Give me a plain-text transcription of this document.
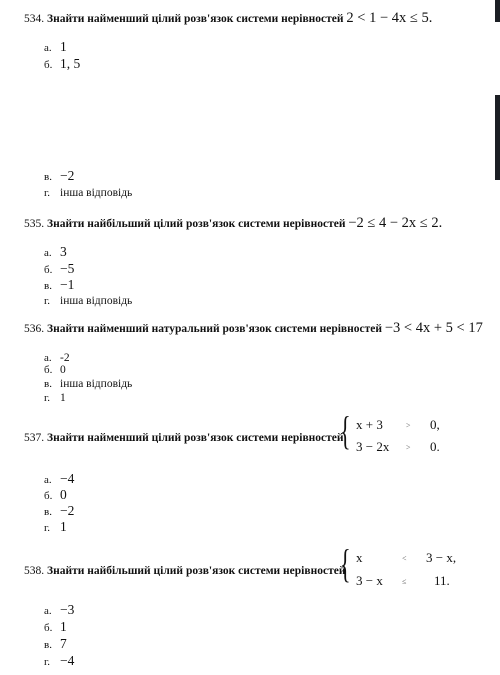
534. Знайти найменший цілий розв'язок системи нерівностей 2 < 1 − 4x ≤ 5.
а. 1
б. 1, 5
в. −2
г. інша відповідь
535. Знайти найбільший цілий розв'язок системи нерівностей −2 ≤ 4 − 2x ≤ 2.
а. 3
б. −5
в. −1
г. інша відповідь
536. Знайти найменший натуральний розв'язок системи нерівностей −3 < 4x + 5 < 17
а. -2
б. 0
в. інша відповідь
г. 1
537. Знайти найменший цілий розв'язок системи нерівностей
{ x + 3	> 0,
3 − 2x > 0.
а. −4
б. 0
в. −2
г. 1
538. Знайти найбільший цілий розв'язок системи нерівностей
{ x	< 3 − x,
3 − x ≤ 11.
а. −3
б. 1
в. 7
г. −4
